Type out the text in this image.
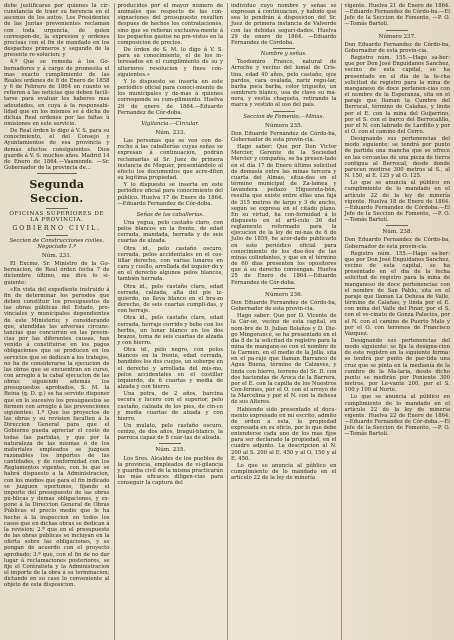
debe justificarse por quienes la cir-cunstancia de traer su herencia en el ascenso de los autos. Los Presidentes de las Juntas prevenientes reclaman con toda urgencia, de quien correspon-de, la expresion y ordenes precisas con el fin de mandado en los despachos primeros y segundo de la presente re-solucion; y

4.º Que se remeda á los Go-bernadores y á cargo de promesita el mas exacto cumplimiento de las Reales ordenes de 8 de Enero de 1858 y 6 de Febrero de 1864 en cuanto se refieren á las noticias que deben facili-tarse para evaluar los haberes mas adeudados, en cuya á la responsabi-lidad que en los mismos se á dicha de dichas Real ordenes por las faltas ú omisiones en este servicio.

De Real órden lo digo á V. S. para su conocimiento, el del Consejo y Ayuntamientos de esa provincia y demas efectos consiguientes. Dios guarde á V. S. muchos años. Madrid 14 de Enero de 1864.—Vaamonde. —Sr. Gobernador de la provincia de...

Segunda Seccion.
OFICINAS SUPERIORES DE LA PROVINCIA.
GOBIERNO CIVIL.
Seccion de Construcciones civiles. Negociado 1.º
Núm. 231.

El Excmo. Sr. Ministro de la Go-bernacion, de Real órden fecha 7 de diciembre último, me dice lo si-guiente:

«En vista del expediente instruido á fin de determinar los periodos que deben constituir los presupuestos de las obras públicas del Estado, pro-vinciales y municipales dependientes de este Ministerio; y considerando que, atendidas las adversas circuns-tancias que concurren en las provin-cias por las diferentes causas, han venido á constituirse en los pagos obligaciones que se producen en los servicios que se dedican a los trabajos, no ha de considerarse la ejecucion de las obras que se encuentran en curso, con arreglo á la cabal ejecucion de las obras: siguiendo además los presupuestos aprobados, S. M. la Reina (q. D. g.) se ha servido disponer que en lo sucesivo los presupuestos se formen con arreglo á las prevenciones siguientes: 1.ª Que los proyectos de las obras y su revision faculten á la Direccion General para que el Gobierno pueda apreciar el costo de todas las partidas, y que por la naturaleza de las mismas ó de los materiales empleados se juzguen razonables los importes de las cantidades, y de conformidad con los Reglamentos vigentes, con lo que se habrá dispuesto a la Administracion, con los medios que para el fin indicado se juzguen oportunos, fijando el importe del presupuesto de las obras pú-blicas y demas obligaciones, y ex-pone á la Direccion General de Obras Públicas el precio medio que le ha hecho á la inspeccion en todos los casos que en dichas obras se dedican á la revision; 2.ª que en el presupuesto de las obras públicas se incluyan en la oferta sobre las obligaciones, y se pongan de acuerdo con el proyecto aprobado; 3.ª que, con el fin de no dar lugar á reclamaciones posteriores, se fije el Contratista y la Administracion el importe de la obra á su terminacion; dictando en su caso lo conveniente al objeto de esta disposicion.

producidos por el mayor número de animales que respecto de las con-signaciones del presupuesto resulten despues de hechos los contrataciones, sino que se refieran exclusiva-mente á los pequeños gastos no pre-vistos en la composicion de precios.

De órden de S. M. lo digo á V. S. para su conocimiento, el de los in-teresados en el cumplimiento de su y ulteriores resolucion y fines con-siguientes.»

Y lo dispuesto se inserta en este periódico oficial para conoci-miento de los municipales y de-mas á quienes corresponde su cum-plimiento. Huelva 29 de enero de 1864.—Eduardo Fernandez de Cór-doba.

Vigilancia.—Circular.
Núm. 233.

Las personas que se ven con de-recho á las caballerías cuyas señas se expresan á continuacion, podrán reclamarlas al Sr. Juez de primera instancia de Moguer, presentándolo al efecto los documentos que acre-diten su legítima propiedad.

Y lo dispuesto se inserta en este periódico oficial para conocimiento del público. Huelva 17 de Enero de 1864.—Eduardo Fernandez de Cór-doba.

Señas de las caballerías.

Una yegua, pelo castaño claro, con pelos blancos en la frente, de edad cerrada, mandada, herrada y de seis cuartas de alzada.

Otra id., pelo castaño oscuro, cerrada, pelos accidentales en el cos-tillar derecho, con varias lunares en cara y cuello, arrollada del izquier-do y en el derecho algunos pelos blancos, también herrada.

Otra id., pelo castaño claro, edad cerrada, calzada, alta del pie iz-quierdo, no lleva blanco en el bra-zo derecho, de seis cuartas cumpli-das, y con herraje.

Otra id., pelo castaño claro, edad cerrada, herraje corrido y bebe con los herbis, un lunar blanco en los dos brazos, toma de seis cuartas de alzada y con hierro.

Otra id., pelo negro, con pelos blancos en la frente, edad cerrada, bandidos los dos cuejos, un soberpe en el derecho y arrollada del mis-mo, pelos accidentales en el costillar izquierdo, de 6 cuartas y media de alzada y con hierro.

Una potra, de 2 años, barcina oscura y lucero con el superior, pelo castaño, calzada de los pies, de cin-co y media cuartas de alzada y con hierro.

Un mulato, pelo castaño oscuro, cenizo, de dos años, bragui-blanco, la parroca capaz de 8 cuar-tas de alzada.

Núm. 235.

Los Sres. Alcaldes de los pueblos de la provincia, empleados de vi-gilancia y guardia civil de la misma practicarán las más eficaces diligen-cias para conseguir la captura del

individuo cuyo nombre y señas se expresan á continuacion, y habido que sea lo pondrán á disposicion del Sr. Juez de primera instancia de Valverde con las debidas seguri-dades. Huelva 29 de enero de 1864. —Eduardo Fernandez de Córdoba.

Nombre y señas.

Teodomiro Franco, natural de Arroche y vecino del lomal de Cris-tina, edad 40 años, pelo castaño, ojos pardos, cara ovalada, nariz regu-lar, barba poca barba, color trigueño, un sombrero blanco, usa de clavo su ma-nera, y vestía chaqueta, retirando la marca y vestido al uso del país.

Seccion de Fomento.—Minas.
Número 235.

Don Eduardo Fernandez de Córdo-ba, Gobernador de esta provin-cia.

Hago saber: Que por Don Victor Mercier, Gerente de la Sociedad Mercier y compañía, se ha presen-tado en el día 17 de Enero último solicitud de demasía entre las minas tercera y cuarta del Almao, situa-das en el término municipal de Za-lamea y lavandera pedazo Higuereta-bón, resulta que existe entre ellas una faja de 315 metros de largo y 3 de ancho, segun se expresa en el citado plano. En su virtud, ha con-formidad á lo dispuesto en el artí-culo 36 del reglamento reformado para la ejecucion de la ley de mi-nas de 6 de Julio de 1859, he acor-dado publicarlo en este periódico oficial para conocimiento de los due-ños de las minas colindantes, y que en el término de 60 dias presenten los opositores que á su derecho convengan. Huelva 25 de Enero de 1864.—Eduardo Fernandez de Cór-doba.

Número 236.

Don Eduardo Fernandez de Córdo-ba, Gobernador de esta provin-cia.

Hago saber: Que por D. Vicente de la Cár-ue, vecino de esta capital, en nom-bre de D. Julian Bolaños y D. Die-go Mingorancé, se ha presentado en el día 8 de la solicitud de registro para la mina de mangane-so con el nombre de la Carmen, en el medio de la Jolla, sita en el pa-raje que llaman Barranco de Agua Buena, término de Calzaves, y linda con hierro, terreno del Sr. D. con dos haciendas de Aroca de la Barrera, por el E. con la capilla de los Nuestros Con-formes, por el O. con el arroyo de la Marcelina y por el N. con la dehesa de sus Alteres.

Habiendo sido presentado el docu-mento expresado en mi escrito, admito de orden a esta, la propiedad expresada en su oficio, por lo que debe entenderse cada uno de los mas fijos para ser declarado la propiedad, en el cuadro adjunto. La descripcion al N. 200 al S. 200 al E. 450 y al O. 150 y al E. 450.

Lo que se anuncia al público en cumplimiento de lo mandado en el artículo 22 de la ley de minería

vigente. Huelva 21 de Enero de 1864.—Eduardo Fernandez de Córdo-ba.—El Jefe de la Seccion de Fomento, —P. O.—Tomás Bartolí.

Número 237.

Don Eduardo Fernandez de Córdo-ba, Gobernador de esta provin-cia.

Registro núm. 155.—Hago sa-ber: que por Don José Enguidanos Sanchez, vecino de esta capital, se ha presentado en el dia de la fe-cha solicitud de registro para la mina de manganeso de doce pertenen-cias con el nombre de la Esperanza, sita en el paraje que llaman la Cumbre del Berrocal, término de Calañas, y linda por el E. con la mina del Guijarrino, por el S. con el barco del Berrocalillo, por el N. con labrado de Lardillo y por el O. con el camino del Cerro.

Designando sus pertenencias del modo siguiente: se tendrá por punto de partida una mancha que se ofrece en las cercanías de una pieza de tierra contigua al Berrocal, desde donde parecen medirse 300 metros al S., al N. 150, al E. 125 y al O. 125.

Lo que se anuncia al público en cumplimiento de lo mandado en el artículo 22 de la ley de minería vigente. Huelva 18 de Enero de 1864.—Eduardo Fernandez de Córdoba.—El Jefe de la Seccion de Fomento, —P. O.—Tomás Bartolí.

Núm. 238.

Don Eduardo Fernandez de Córdo-ba, Gobernador de esta provin-cia.

Registro núm. 155.—Hago sa-ber: que por Don José Enguidanos Sanchez, vecino de esta capital, se ha presentado en el dia de la fecha solicitud de registro para la mina de manganeso de doce pertenencias con el nombre de San Pablo, sita en el paraje que llaman La Dehesa de Valle, término de Calañas, y linda por el E. con mina del Valle del Pinar, por el S. con el ve-cinato de Gonza Palacios, por el N. con el camino de Puerto Malo y por el O. con terrenos de Francisco Vázquez.

Designando sus pertenencias del modo siguiente: se fija la designa-cion de este registro en la siguiente forma: se tendrá por punto de par-tida una cruz que se pinta en la medianía de la cumbre de la Ma-laria, desde dicho punto se medirán por Poniente 300 metros, por Le-vante 200, por el S. 100 y 100 al Norte.

Lo que se anuncia al público en cumplimiento de lo mandado en el artículo 22 de la ley de minería vigente. Huelva 22 de Enero de 1864.—Eduardo Fernandez de Cór-doba.—El Jefe de la Seccion de Fomento, —P. O.—Tomás Bartolí.
